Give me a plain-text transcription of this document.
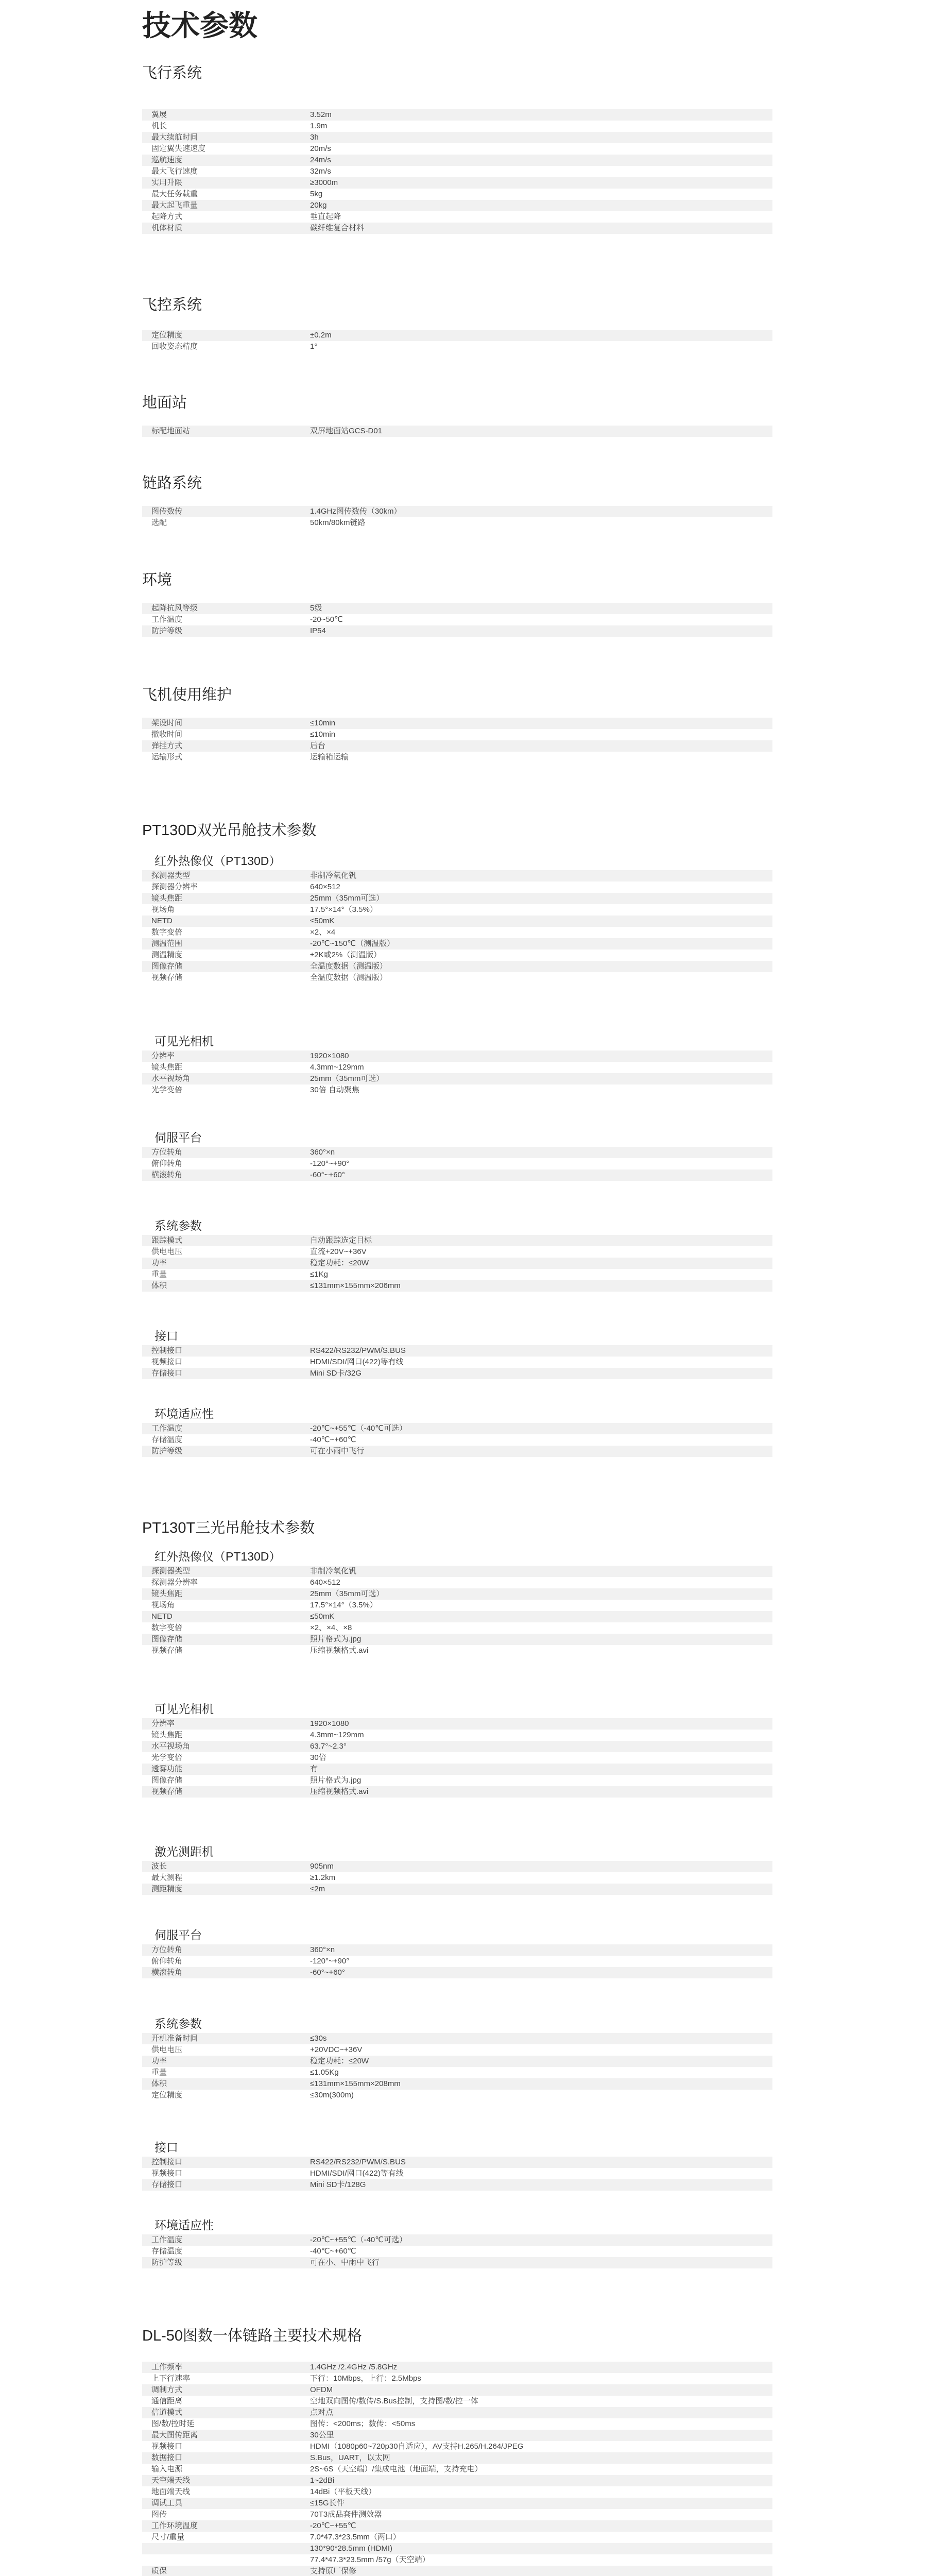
技术参数
飞行系统
翼展	3.52m
机长	1.9m
最大续航时间	3h
固定翼失速速度	20m/s
巡航速度	24m/s
最大飞行速度	32m/s
实用升限	≥3000m
最大任务载重	5kg
最大起飞重量	20kg
起降方式	垂直起降
机体材质	碳纤维复合材料
飞控系统
定位精度	±0.2m
回收姿态精度	1°
地面站
标配地面站	双屏地面站GCS-D01
链路系统
图传数传	1.4GHz图传数传（30km）
选配	50km/80km链路
环境
起降抗风等级	5级
工作温度	-20~50℃
防护等级	IP54
飞机使用维护
架设时间	≤10min
撤收时间	≤10min
弹挂方式	后台
运输形式	运输箱运输
PT130D双光吊舱技术参数
红外热像仪（PT130D）
探测器类型	非制冷氧化钒
探测器分辨率	640×512
镜头焦距	25mm（35mm可选）
视场角	17.5°×14°（3.5%）
NETD	≤50mK
数字变倍	×2、×4
测温范围	-20℃~150℃（测温版）
测温精度	±2K或2%（测温版）
图像存储	全温度数据（测温版）
视频存储	全温度数据（测温版）
可见光相机
分辨率	1920×1080
镜头焦距	4.3mm~129mm
水平视场角	25mm（35mm可选）
光学变倍	30倍 自动聚焦
伺服平台
方位转角	360°×n
俯仰转角	-120°~+90°
横滚转角	-60°~+60°
系统参数
跟踪模式	自动跟踪选定目标
供电电压	直流+20V~+36V
功率	稳定功耗：≤20W
重量	≤1Kg
体积	≤131mm×155mm×206mm
接口
控制接口	RS422/RS232/PWM/S.BUS
视频接口	HDMI/SDI/网口(422)等有线
存储接口	Mini SD卡/32G
环境适应性
工作温度	-20℃~+55℃（-40℃可选）
存储温度	-40℃~+60℃
防护等级	可在小雨中飞行
PT130T三光吊舱技术参数
红外热像仪（PT130D）
探测器类型	非制冷氧化钒
探测器分辨率	640×512
镜头焦距	25mm（35mm可选）
视场角	17.5°×14°（3.5%）
NETD	≤50mK
数字变倍	×2、×4、×8
图像存储	照片格式为.jpg
视频存储	压缩视频格式.avi
可见光相机
分辨率	1920×1080
镜头焦距	4.3mm~129mm
水平视场角	63.7°~2.3°
光学变倍	30倍
透雾功能	有
图像存储	照片格式为.jpg
视频存储	压缩视频格式.avi
激光测距机
波长	905nm
最大测程	≥1.2km
测距精度	≤2m
伺服平台
方位转角	360°×n
俯仰转角	-120°~+90°
横滚转角	-60°~+60°
系统参数
开机准备时间	≤30s
供电电压	+20VDC~+36V
功率	稳定功耗：≤20W
重量	≤1.05Kg
体积	≤131mm×155mm×208mm
定位精度	≤30m(300m)
接口
控制接口	RS422/RS232/PWM/S.BUS
视频接口	HDMI/SDI/网口(422)等有线
存储接口	Mini SD卡/128G
环境适应性
工作温度	-20℃~+55℃（-40℃可选）
存储温度	-40℃~+60℃
防护等级	可在小、中雨中飞行
DL-50图数一体链路主要技术规格
工作频率	1.4GHz /2.4GHz /5.8GHz
上下行速率	下行：10Mbps，上行：2.5Mbps
调制方式	OFDM
通信距离	空地双向图传/数传/S.Bus控制，支持图/数/控一体
信道模式	点对点
图/数/控时延	图传：<200ms；数传：<50ms
最大图传距离	30公里
视频接口	HDMI（1080p60~720p30自适应），AV支持H.265/H.264/JPEG
数据接口	S.Bus，UART，以太网
输入电源	2S~6S（天空端）/集成电池（地面端，支持充电）
天空端天线	1~2dBi
地面端天线	14dBi（平板天线）
调试工具	≤15G长件
图传	70T3成品套件测效器
工作环境温度	-20℃~+55℃
尺寸/重量	7.0*47.3*23.5mm（两口）
130*90*28.5mm (HDMI)
77.4*47.3*23.5mm /57g（天空端）
质保	支持原厂保修
